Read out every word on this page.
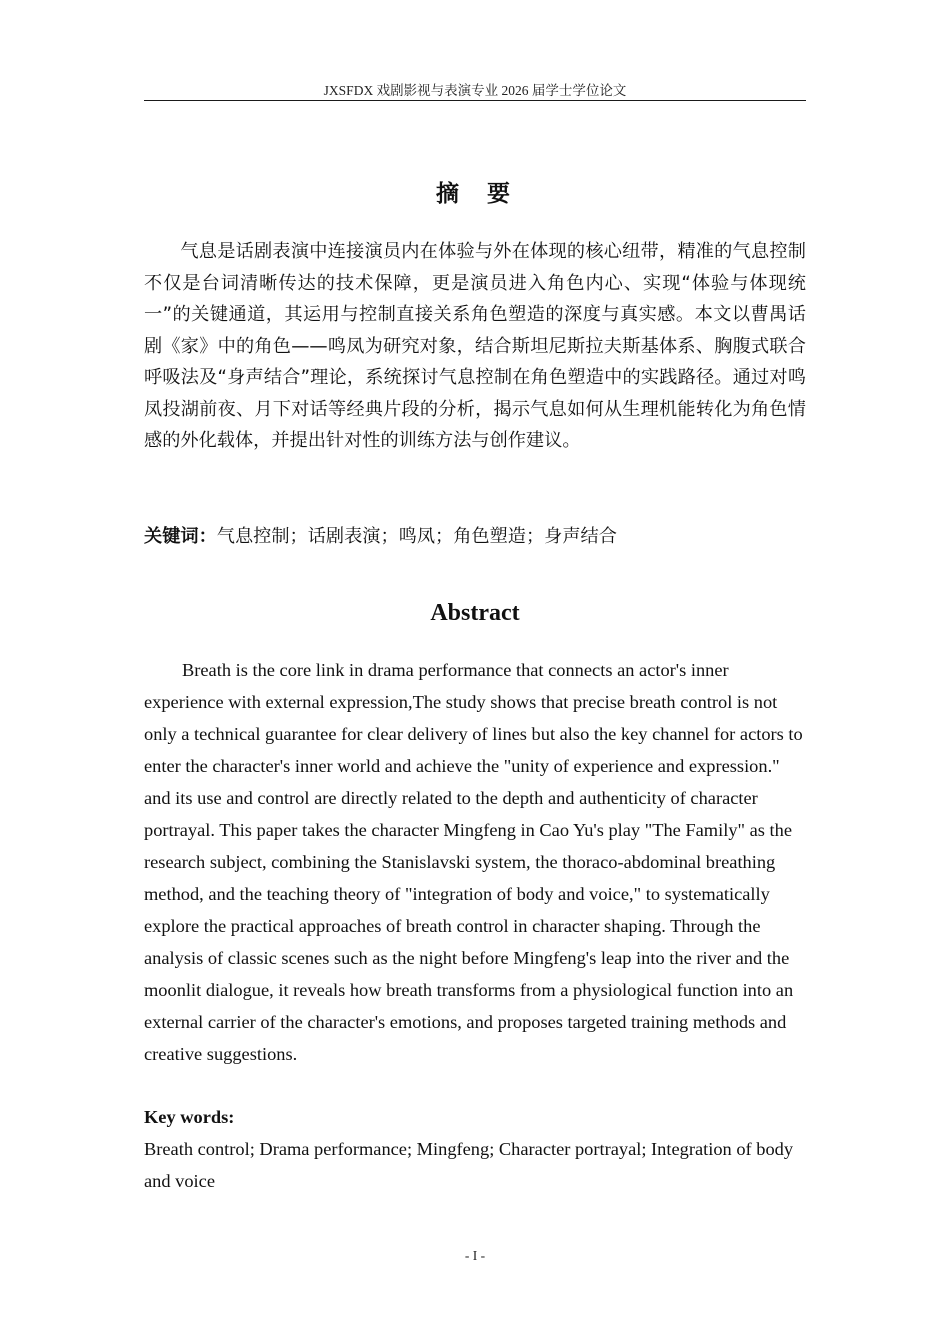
JXSFDX 戏剧影视与表演专业 2026 届学士学位论文
摘  要

气息是话剧表演中连接演员内在体验与外在体现的核心纽带，精准的气息控制不仅是台词清晰传达的技术保障，更是演员进入角色内心、实现“体验与体现统一”的关键通道，其运用与控制直接关系角色塑造的深度与真实感。本文以曹禺话剧《家》中的角色——鸣凤为研究对象，结合斯坦尼斯拉夫斯基体系、胸腹式联合呼吸法及“身声结合”理论，系统探讨气息控制在角色塑造中的实践路径。通过对鸣凤投湖前夜、月下对话等经典片段的分析，揭示气息如何从生理机能转化为角色情感的外化载体，并提出针对性的训练方法与创作建议。

关键词：气息控制；话剧表演；鸣凤；角色塑造；身声结合
Abstract

Breath is the core link in drama performance that connects an actor's inner experience with external expression,The study shows that precise breath control is not only a technical guarantee for clear delivery of lines but also the key channel for actors to enter the character's inner world and achieve the "unity of experience and expression." and its use and control are directly related to the depth and authenticity of character portrayal. This paper takes the character Mingfeng in Cao Yu's play "The Family" as the research subject, combining the Stanislavski system, the thoraco-abdominal breathing method, and the teaching theory of "integration of body and voice," to systematically explore the practical approaches of breath control in character shaping. Through the analysis of classic scenes such as the night before Mingfeng's leap into the river and the moonlit dialogue, it reveals how breath transforms from a physiological function into an external carrier of the character's emotions, and proposes targeted training methods and creative suggestions.

Key words:
Breath control; Drama performance; Mingfeng; Character portrayal; Integration of body and voice
- I -
